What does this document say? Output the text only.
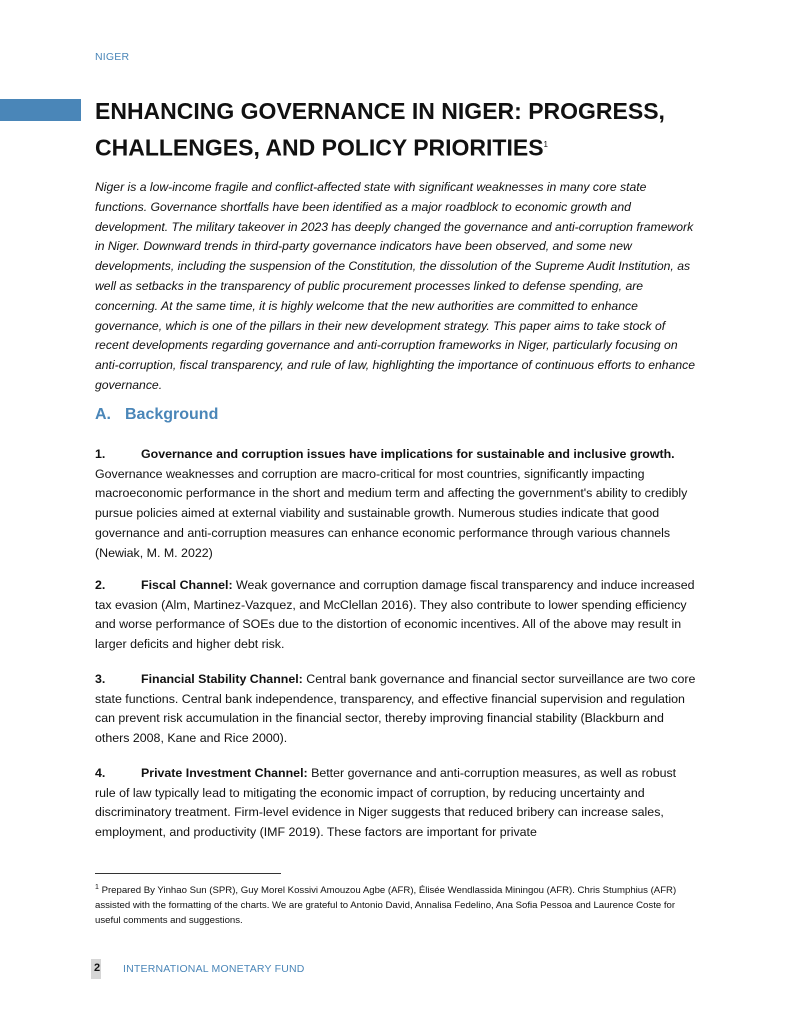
NIGER
ENHANCING GOVERNANCE IN NIGER: PROGRESS, CHALLENGES, AND POLICY PRIORITIES$^1$

Niger is a low-income fragile and conflict-affected state with significant weaknesses in many core state functions. Governance shortfalls have been identified as a major roadblock to economic growth and development. The military takeover in 2023 has deeply changed the governance and anti-corruption framework in Niger. Downward trends in third-party governance indicators have been observed, and some new developments, including the suspension of the Constitution, the dissolution of the Supreme Audit Institution, as well as setbacks in the transparency of public procurement processes linked to defense spending, are concerning. At the same time, it is highly welcome that the new authorities are committed to enhance governance, which is one of the pillars in their new development strategy. This paper aims to take stock of recent developments regarding governance and anti-corruption frameworks in Niger, particularly focusing on anti-corruption, fiscal transparency, and rule of law, highlighting the importance of continuous efforts to enhance governance.

A. Background

1.	Governance and corruption issues have implications for sustainable and inclusive growth. Governance weaknesses and corruption are macro-critical for most countries, significantly impacting macroeconomic performance in the short and medium term and affecting the government's ability to credibly pursue policies aimed at external viability and sustainable growth. Numerous studies indicate that good governance and anti-corruption measures can enhance economic performance through various channels (Newiak, M. M. 2022)

2.	Fiscal Channel: Weak governance and corruption damage fiscal transparency and induce increased tax evasion (Alm, Martinez-Vazquez, and McClellan 2016). They also contribute to lower spending efficiency and worse performance of SOEs due to the distortion of economic incentives. All of the above may result in larger deficits and higher debt risk.

3.	Financial Stability Channel: Central bank governance and financial sector surveillance are two core state functions. Central bank independence, transparency, and effective financial supervision and regulation can prevent risk accumulation in the financial sector, thereby improving financial stability (Blackburn and others 2008, Kane and Rice 2000).

4.	Private Investment Channel: Better governance and anti-corruption measures, as well as robust rule of law typically lead to mitigating the economic impact of corruption, by reducing uncertainty and discriminatory treatment. Firm-level evidence in Niger suggests that reduced bribery can increase sales, employment, and productivity (IMF 2019). These factors are important for private

$^1$ Prepared By Yinhao Sun (SPR), Guy Morel Kossivi Amouzou Agbe (AFR), Élisée Wendlassida Miningou (AFR). Chris Stumphius (AFR) assisted with the formatting of the charts. We are grateful to Antonio David, Annalisa Fedelino, Ana Sofia Pessoa and Laurence Coste for useful comments and suggestions.

2 INTERNATIONAL MONETARY FUND
